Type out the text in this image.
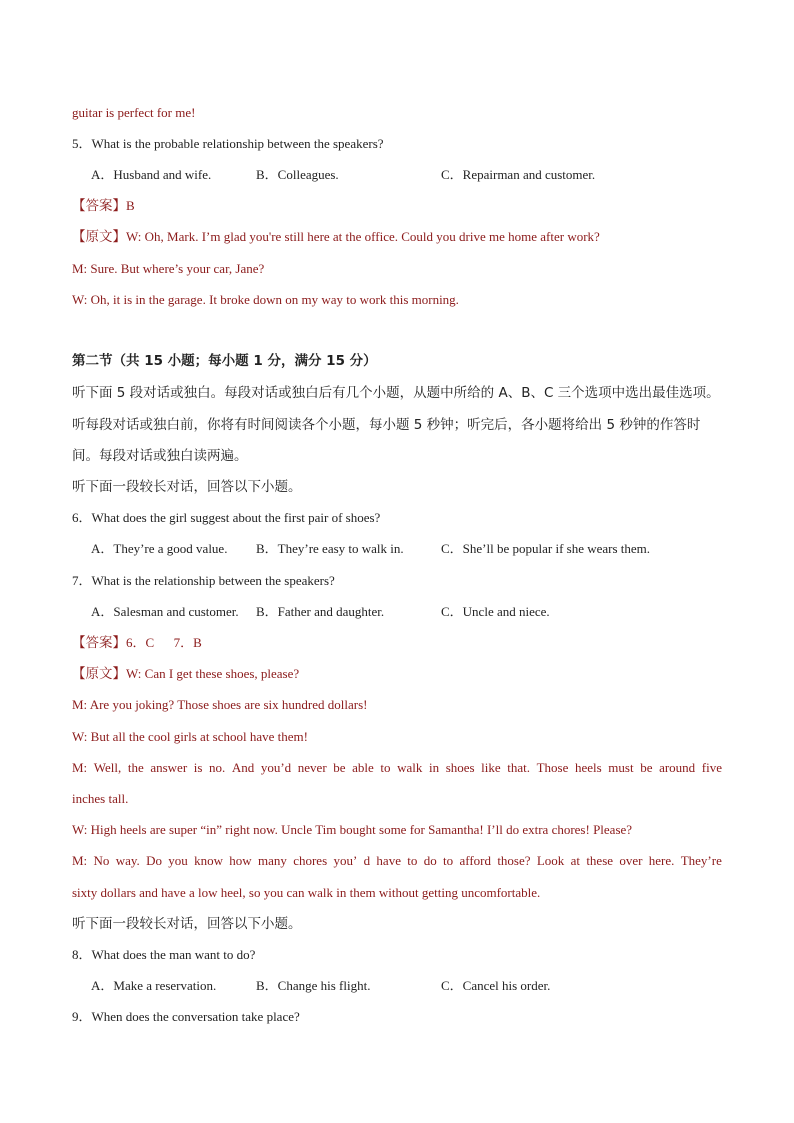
guitar is perfect for me!
5．What is the probable relationship between the speakers?
A．Husband and wife.	B．Colleagues.	C．Repairman and customer.
【答案】B
【原文】W: Oh, Mark. I’m glad you're still here at the office. Could you drive me home after work?
M: Sure. But where’s your car, Jane?
W: Oh, it is in the garage. It broke down on my way to work this morning.
第二节（共 15 小题；每小题 1 分，满分 15 分）
听下面 5 段对话或独白。每段对话或独白后有几个小题，从题中所给的 A、B、C 三个选项中选出最佳选项。
听每段对话或独白前，你将有时间阅读各个小题，每小题 5 秒钟；听完后，各小题将给出 5 秒钟的作答时
间。每段对话或独白读两遍。
听下面一段较长对话，回答以下小题。
6．What does the girl suggest about the first pair of shoes?
A．They’re a good value. B．They’re easy to walk in.	C．She’ll be popular if she wears them.
7．What is the relationship between the speakers?
A．Salesman and customer. B．Father and daughter.	C．Uncle and niece.
【答案】6．C      7．B
【原文】W: Can I get these shoes, please?
M: Are you joking? Those shoes are six hundred dollars!
W: But all the cool girls at school have them!
M: Well, the answer is no. And you’d never be able to walk in shoes like that. Those heels must be around five
inches tall.
W: High heels are super “in” right now. Uncle Tim bought some for Samantha! I’ll do extra chores! Please?
M: No way. Do you know how many chores you’ d have to do to afford those? Look at these over here. They’re
sixty dollars and have a low heel, so you can walk in them without getting uncomfortable.
听下面一段较长对话，回答以下小题。
8．What does the man want to do?
A．Make a reservation.	B．Change his flight.	C．Cancel his order.
9．When does the conversation take place?
